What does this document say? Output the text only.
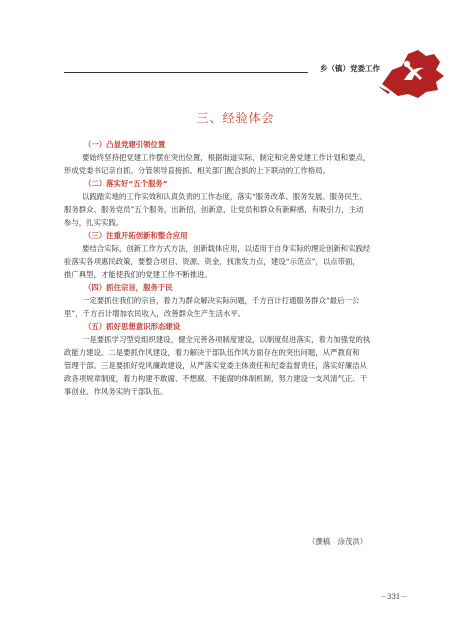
乡（镇）党委工作
三、经验体会
（一）凸显党建引领位置
要始终坚持把党建工作摆在突出位置，根据街道实际，制定和完善党建工作计划和要点，
形成党委书记亲自抓、分管领导直接抓、相关部门配合抓的上下联动的工作格局。
（二）落实好“五个服务”
以践踏实地的工作实效和认真负责的工作态度，落实“服务改革、服务发展、服务民生、
服务群众、服务党员”五个服务，出新招，创新意，让党员和群众有新鲜感，有吸引力，主动
参与，扎实实践。
（三）注重开拓创新和整合应用
要结合实际，创新工作方式方法，创新载体应用，以适用于自身实际的理论创新和实践经
验落实各项惠民政策，要整合项目、资源、资金，找准发力点，建设“示范点”，以点带面，
推广典型，才能使我们的党建工作不断推进。
（四）抓住宗旨，服务于民
一定要抓住我们的宗旨，着力为群众解决实际问题，千方百计打通服务群众“最后一公
里”，千方百计增加农民收入，改善群众生产生活水平。
（五）抓好思想意识形态建设
一是要抓学习型党组织建设，健全完善各项制度建设，以制度促进落实，着力加强党的执
政能力建设。二是要抓作风建设，着力解决干部队伍作风方面存在的突出问题，从严教育和
管理干部。三是要抓好党风廉政建设，从严落实党委主体责任和纪委监督责任，落实好廉洁从
政各项规章制度，着力构建不敢腐、不想腐、不能腐的体制机制，努力建设一支风清气正、干
事创业、作风务实的干部队伍。
（撰稿　涂茂洪）
－331－
